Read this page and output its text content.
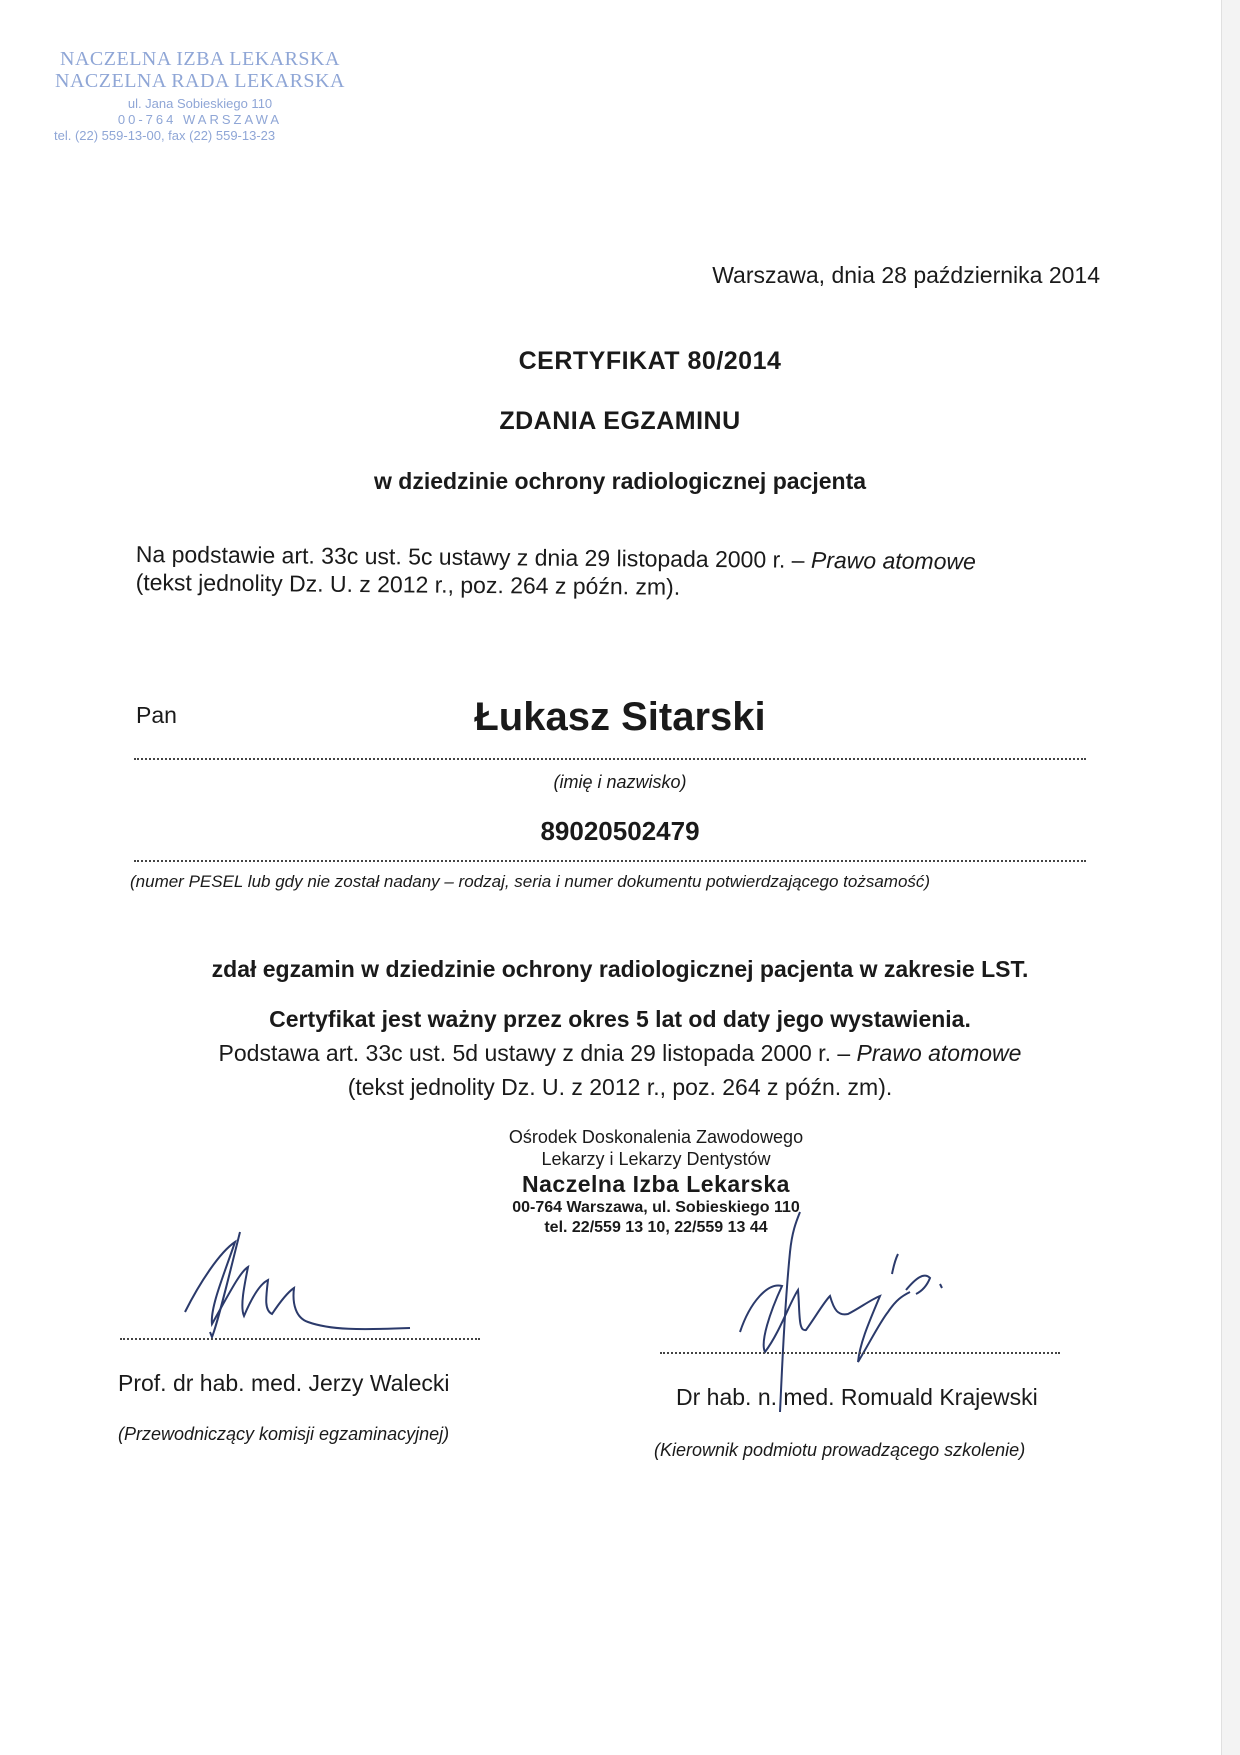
NACZELNA IZBA LEKARSKA
NACZELNA RADA LEKARSKA
ul. Jana Sobieskiego 110
00-764 WARSZAWA
tel. (22) 559-13-00, fax (22) 559-13-23
Warszawa, dnia 28 października 2014
CERTYFIKAT 80/2014
ZDANIA EGZAMINU
w dziedzinie ochrony radiologicznej pacjenta
Na podstawie art. 33c ust. 5c ustawy z dnia 29 listopada 2000 r. – Prawo atomowe
(tekst jednolity Dz. U. z 2012 r., poz. 264 z późn. zm).
Pan	Łukasz Sitarski
(imię i nazwisko)
89020502479
(numer PESEL lub gdy nie został nadany – rodzaj, seria i numer dokumentu potwierdzającego tożsamość)
zdał egzamin w dziedzinie ochrony radiologicznej pacjenta w zakresie LST.
Certyfikat jest ważny przez okres 5 lat od daty jego wystawienia.
Podstawa art. 33c ust. 5d ustawy z dnia 29 listopada 2000 r. – Prawo atomowe
(tekst jednolity Dz. U. z 2012 r., poz. 264 z późn. zm).
Ośrodek Doskonalenia Zawodowego
Lekarzy i Lekarzy Dentystów
Naczelna Izba Lekarska
00-764 Warszawa, ul. Sobieskiego 110
tel. 22/559 13 10, 22/559 13 44
Prof. dr hab. med. Jerzy Walecki
(Przewodniczący komisji egzaminacyjnej)
Dr hab. n. med. Romuald Krajewski
(Kierownik podmiotu prowadzącego szkolenie)
